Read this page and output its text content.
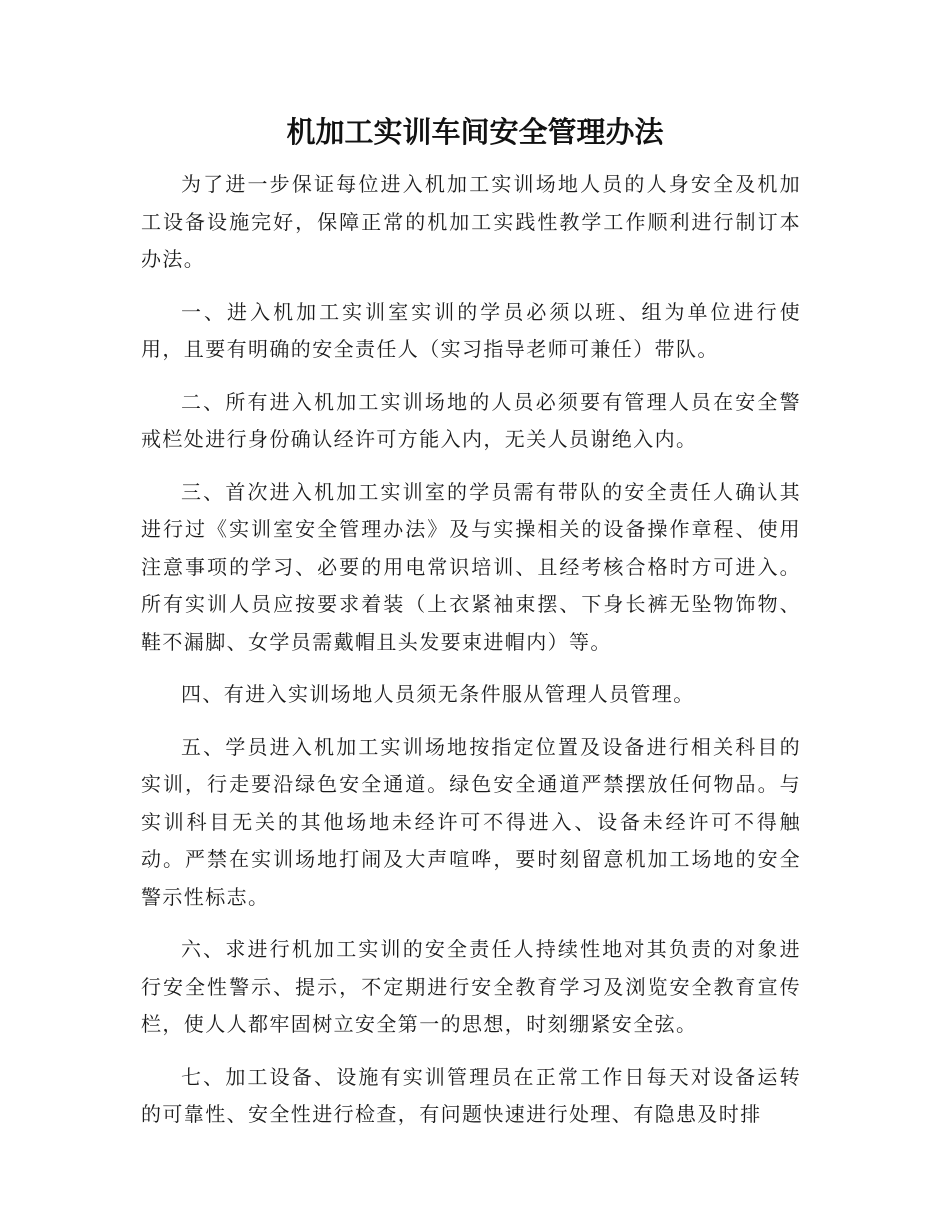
机加工实训车间安全管理办法

为了进一步保证每位进入机加工实训场地人员的人身安全及机加工设备设施完好，保障正常的机加工实践性教学工作顺利进行制订本办法。

一、进入机加工实训室实训的学员必须以班、组为单位进行使用，且要有明确的安全责任人（实习指导老师可兼任）带队。

二、所有进入机加工实训场地的人员必须要有管理人员在安全警戒栏处进行身份确认经许可方能入内，无关人员谢绝入内。

三、首次进入机加工实训室的学员需有带队的安全责任人确认其进行过《实训室安全管理办法》及与实操相关的设备操作章程、使用注意事项的学习、必要的用电常识培训、且经考核合格时方可进入。所有实训人员应按要求着装（上衣紧袖束摆、下身长裤无坠物饰物、鞋不漏脚、女学员需戴帽且头发要束进帽内）等。

四、有进入实训场地人员须无条件服从管理人员管理。

五、学员进入机加工实训场地按指定位置及设备进行相关科目的实训，行走要沿绿色安全通道。绿色安全通道严禁摆放任何物品。与实训科目无关的其他场地未经许可不得进入、设备未经许可不得触动。严禁在实训场地打闹及大声喧哗，要时刻留意机加工场地的安全警示性标志。

六、求进行机加工实训的安全责任人持续性地对其负责的对象进行安全性警示、提示，不定期进行安全教育学习及浏览安全教育宣传栏，使人人都牢固树立安全第一的思想，时刻绷紧安全弦。

七、加工设备、设施有实训管理员在正常工作日每天对设备运转的可靠性、安全性进行检查，有问题快速进行处理、有隐患及时排
